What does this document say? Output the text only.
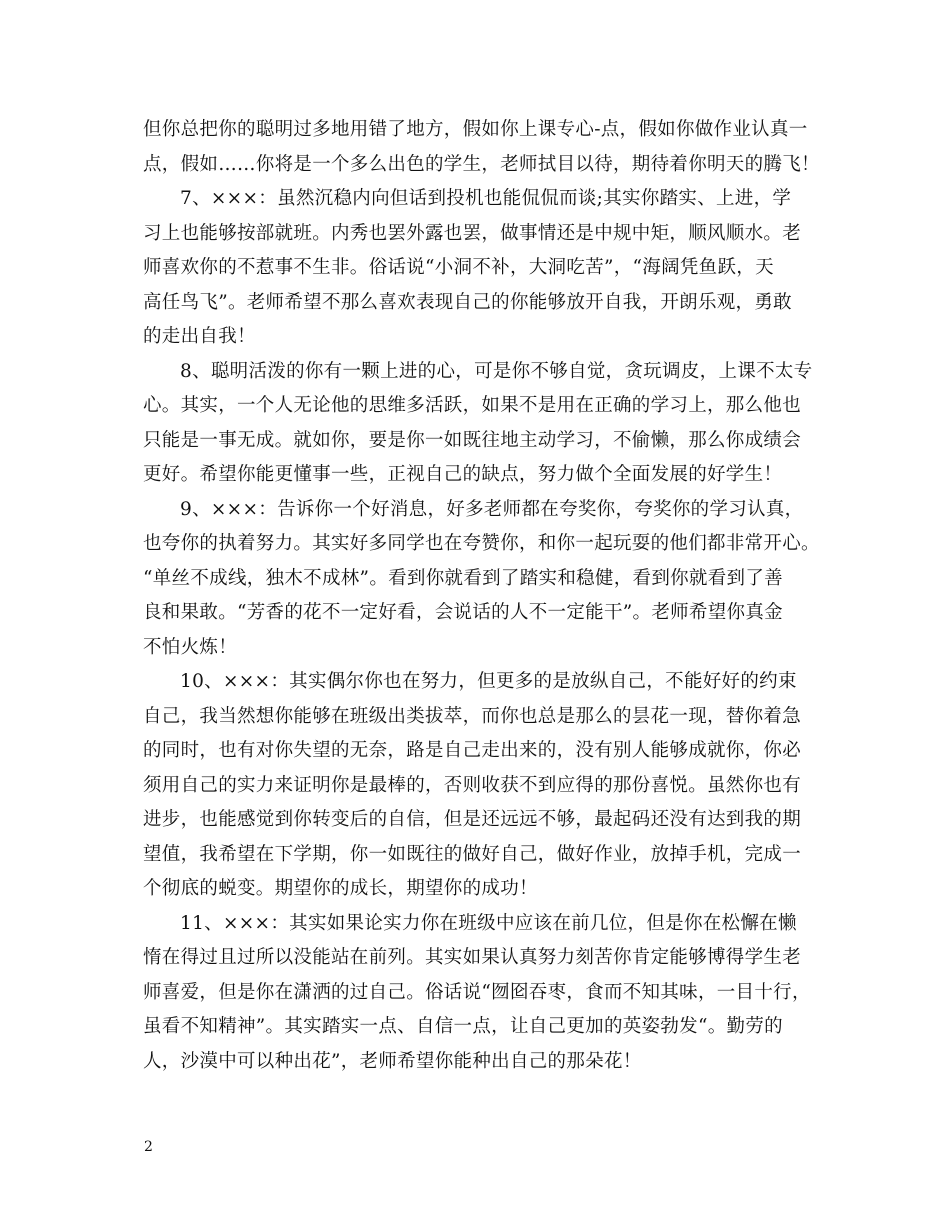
但你总把你的聪明过多地用错了地方，假如你上课专心-点，假如你做作业认真一
点，假如……你将是一个多么出色的学生，老师拭目以待，期待着你明天的腾飞！
7、×××：虽然沉稳内向但话到投机也能侃侃而谈;其实你踏实、上进，学
习上也能够按部就班。内秀也罢外露也罢，做事情还是中规中矩，顺风顺水。老
师喜欢你的不惹事不生非。俗话说“小洞不补，大洞吃苦”，“海阔凭鱼跃，天
高任鸟飞”。老师希望不那么喜欢表现自己的你能够放开自我，开朗乐观，勇敢
的走出自我！
8、聪明活泼的你有一颗上进的心，可是你不够自觉，贪玩调皮，上课不太专
心。其实，一个人无论他的思维多活跃，如果不是用在正确的学习上，那么他也
只能是一事无成。就如你，要是你一如既往地主动学习，不偷懒，那么你成绩会
更好。希望你能更懂事一些，正视自己的缺点，努力做个全面发展的好学生！
9、×××：告诉你一个好消息，好多老师都在夸奖你，夸奖你的学习认真，
也夸你的执着努力。其实好多同学也在夸赞你，和你一起玩耍的他们都非常开心。
“单丝不成线，独木不成林”。看到你就看到了踏实和稳健，看到你就看到了善
良和果敢。“芳香的花不一定好看，会说话的人不一定能干”。老师希望你真金
不怕火炼！
10、×××：其实偶尔你也在努力，但更多的是放纵自己，不能好好的约束
自己，我当然想你能够在班级出类拔萃，而你也总是那么的昙花一现，替你着急
的同时，也有对你失望的无奈，路是自己走出来的，没有别人能够成就你，你必
须用自己的实力来证明你是最棒的，否则收获不到应得的那份喜悦。虽然你也有
进步，也能感觉到你转变后的自信，但是还远远不够，最起码还没有达到我的期
望值，我希望在下学期，你一如既往的做好自己，做好作业，放掉手机，完成一
个彻底的蜕变。期望你的成长，期望你的成功！
11、×××：其实如果论实力你在班级中应该在前几位，但是你在松懈在懒
惰在得过且过所以没能站在前列。其实如果认真努力刻苦你肯定能够博得学生老
师喜爱，但是你在潇洒的过自己。俗话说“囫囵吞枣，食而不知其味，一目十行，
虽看不知精神”。其实踏实一点、自信一点，让自己更加的英姿勃发“。勤劳的
人，沙漠中可以种出花”，老师希望你能种出自己的那朵花！
2
